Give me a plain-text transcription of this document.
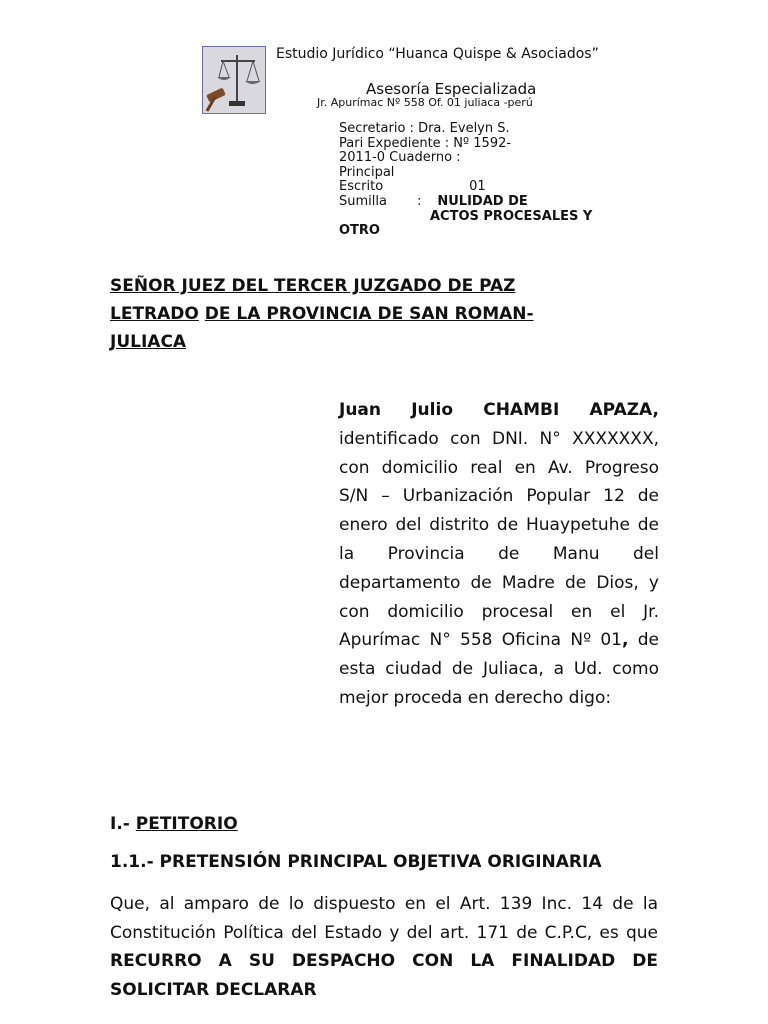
Estudio Jurídico “Huanca Quispe & Asociados”
Asesoría Especializada
Jr. Apurímac Nº 558 Of. 01 juliaca -perú
Secretario : Dra. Evelyn S.
Pari Expediente : Nº 1592-
2011-0 Cuaderno :
Principal
Escrito	01
Sumilla : NULIDAD DE
ACTOS PROCESALES Y
OTRO
SEÑOR JUEZ DEL TERCER JUZGADO DE PAZ
LETRADO DE LA PROVINCIA DE SAN ROMAN-
JULIACA
Juan Julio CHAMBI APAZA, identificado con DNI. N° XXXXXXX, con domicilio real en Av. Progreso S/N – Urbanización Popular 12 de enero del distrito de Huaypetuhe de la Provincia de Manu del departamento de Madre de Dios, y con domicilio procesal en el Jr. Apurímac N° 558 Oficina Nº 01, de esta ciudad de Juliaca, a Ud. como mejor proceda en derecho digo:
I.- PETITORIO
1.1.- PRETENSIÓN PRINCIPAL OBJETIVA ORIGINARIA
Que, al amparo de lo dispuesto en el Art. 139 Inc. 14 de la Constitución Política del Estado y del art. 171 de C.P.C, es que RECURRO A SU DESPACHO CON LA FINALIDAD DE SOLICITAR DECLARAR
